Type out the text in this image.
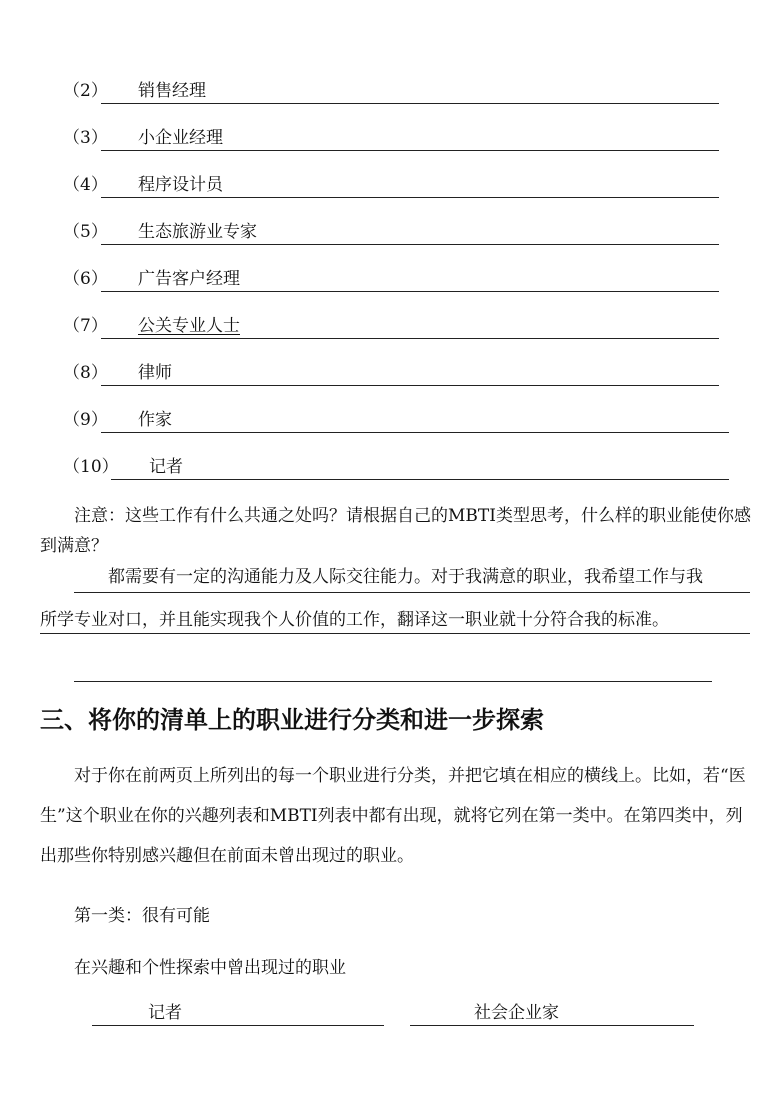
（2） 销售经理
（3） 小企业经理
（4） 程序设计员
（5） 生态旅游业专家
（6） 广告客户经理
（7） 公关专业人士
（8） 律师
（9） 作家
（10） 记者
注意：这些工作有什么共通之处吗？请根据自己的MBTI类型思考，什么样的职业能使你感到满意？
都需要有一定的沟通能力及人际交往能力。对于我满意的职业，我希望工作与我
所学专业对口，并且能实现我个人价值的工作，翻译这一职业就十分符合我的标准。
三、将你的清单上的职业进行分类和进一步探索
对于你在前两页上所列出的每一个职业进行分类，并把它填在相应的横线上。比如，若“医生”这个职业在你的兴趣列表和MBTI列表中都有出现，就将它列在第一类中。在第四类中，列出那些你特别感兴趣但在前面未曾出现过的职业。
第一类：很有可能
在兴趣和个性探索中曾出现过的职业
记者	社会企业家
